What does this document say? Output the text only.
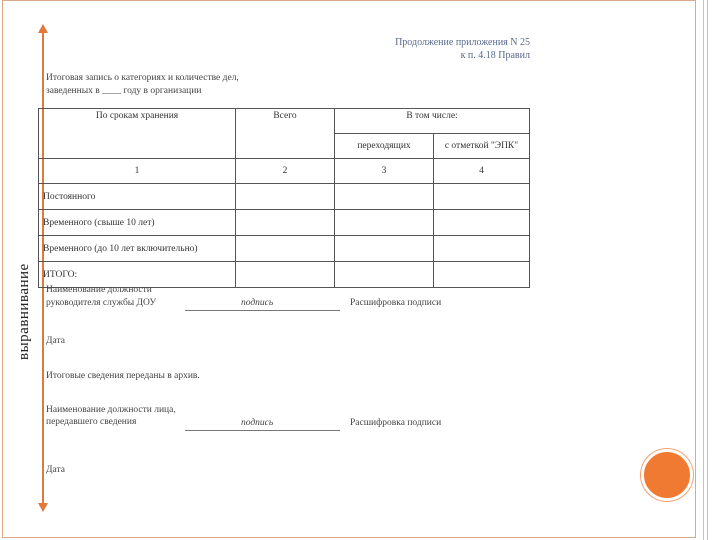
выравнивание
Продолжение приложения N 25
к п. 4.18 Правил
Итоговая запись о категориях и количестве дел,
заведенных в ____ году в организации
По срокам хранения	Всего	В том числе:	
		переходящих	с отметкой "ЭПК"
1	2	3	4
Постоянного			
Временного (свыше 10 лет)			
Временного (до 10 лет включительно)			
ИТОГО:			
Наименование должности
руководителя службы ДОУ	подпись	Расшифровка подписи
Дата
Итоговые сведения переданы в архив.
Наименование должности лица,
передавшего сведения	подпись	Расшифровка подписи
Дата
